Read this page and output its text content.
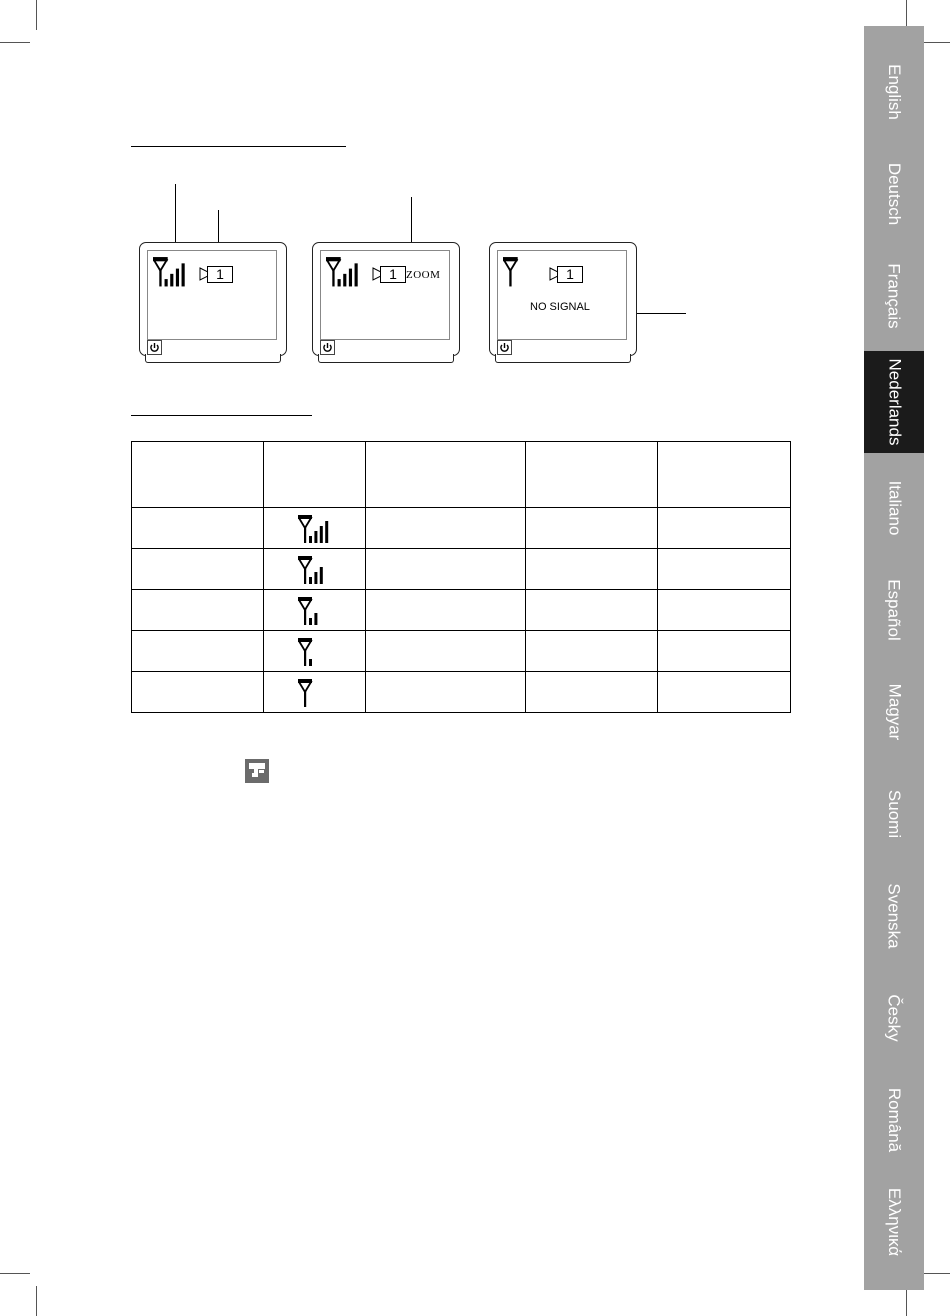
1	1 ZOOM	1
NO SIGNAL

English
Deutsch
Français
Nederlands
Italiano
Español
Magyar
Suomi
Svenska
Česky
Română
Ελληνικά
